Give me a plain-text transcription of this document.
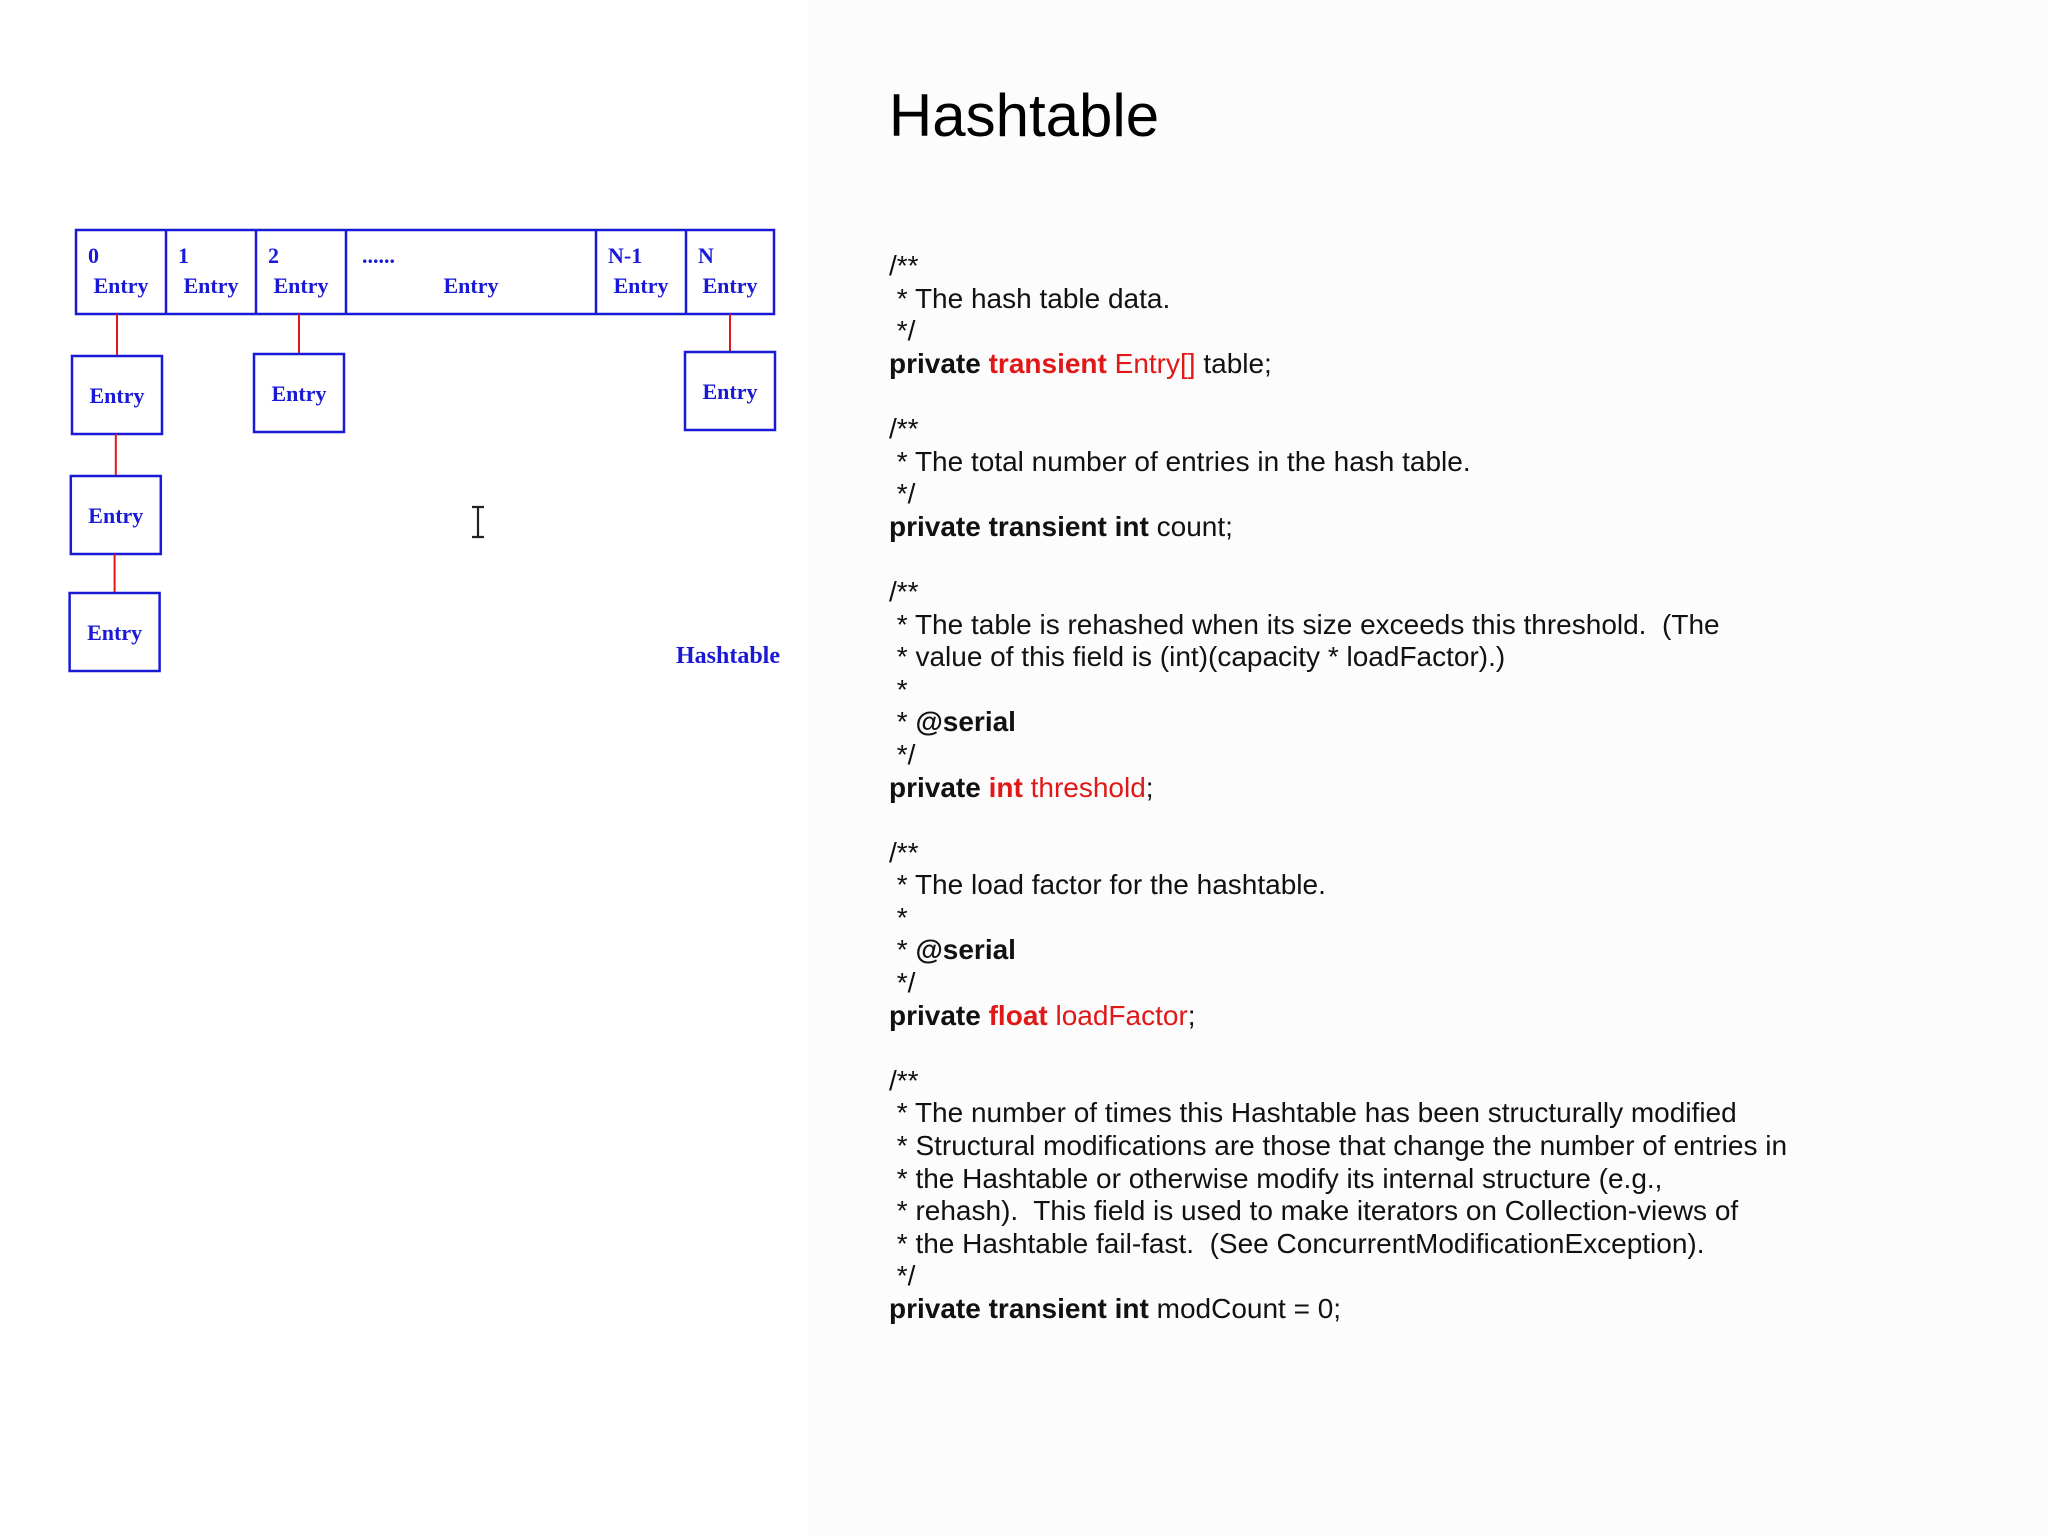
Hashtable
0
Entry
1
Entry
2
Entry
......
Entry
N-1
Entry
N
Entry
Entry
Entry
Entry
Entry	Entry
Hashtable
/**
* The hash table data.
*/
private transient Entry[] table;
/**
* The total number of entries in the hash table.
*/
private transient int count;
/**
* The table is rehashed when its size exceeds this threshold.  (The
* value of this field is (int)(capacity * loadFactor).)
*
* @serial
*/
private int threshold;
/**
* The load factor for the hashtable.
*
* @serial
*/
private float loadFactor;
/**
* The number of times this Hashtable has been structurally modified
* Structural modifications are those that change the number of entries in
* the Hashtable or otherwise modify its internal structure (e.g.,
* rehash).  This field is used to make iterators on Collection-views of
* the Hashtable fail-fast.  (See ConcurrentModificationException).
*/
private transient int modCount = 0;
